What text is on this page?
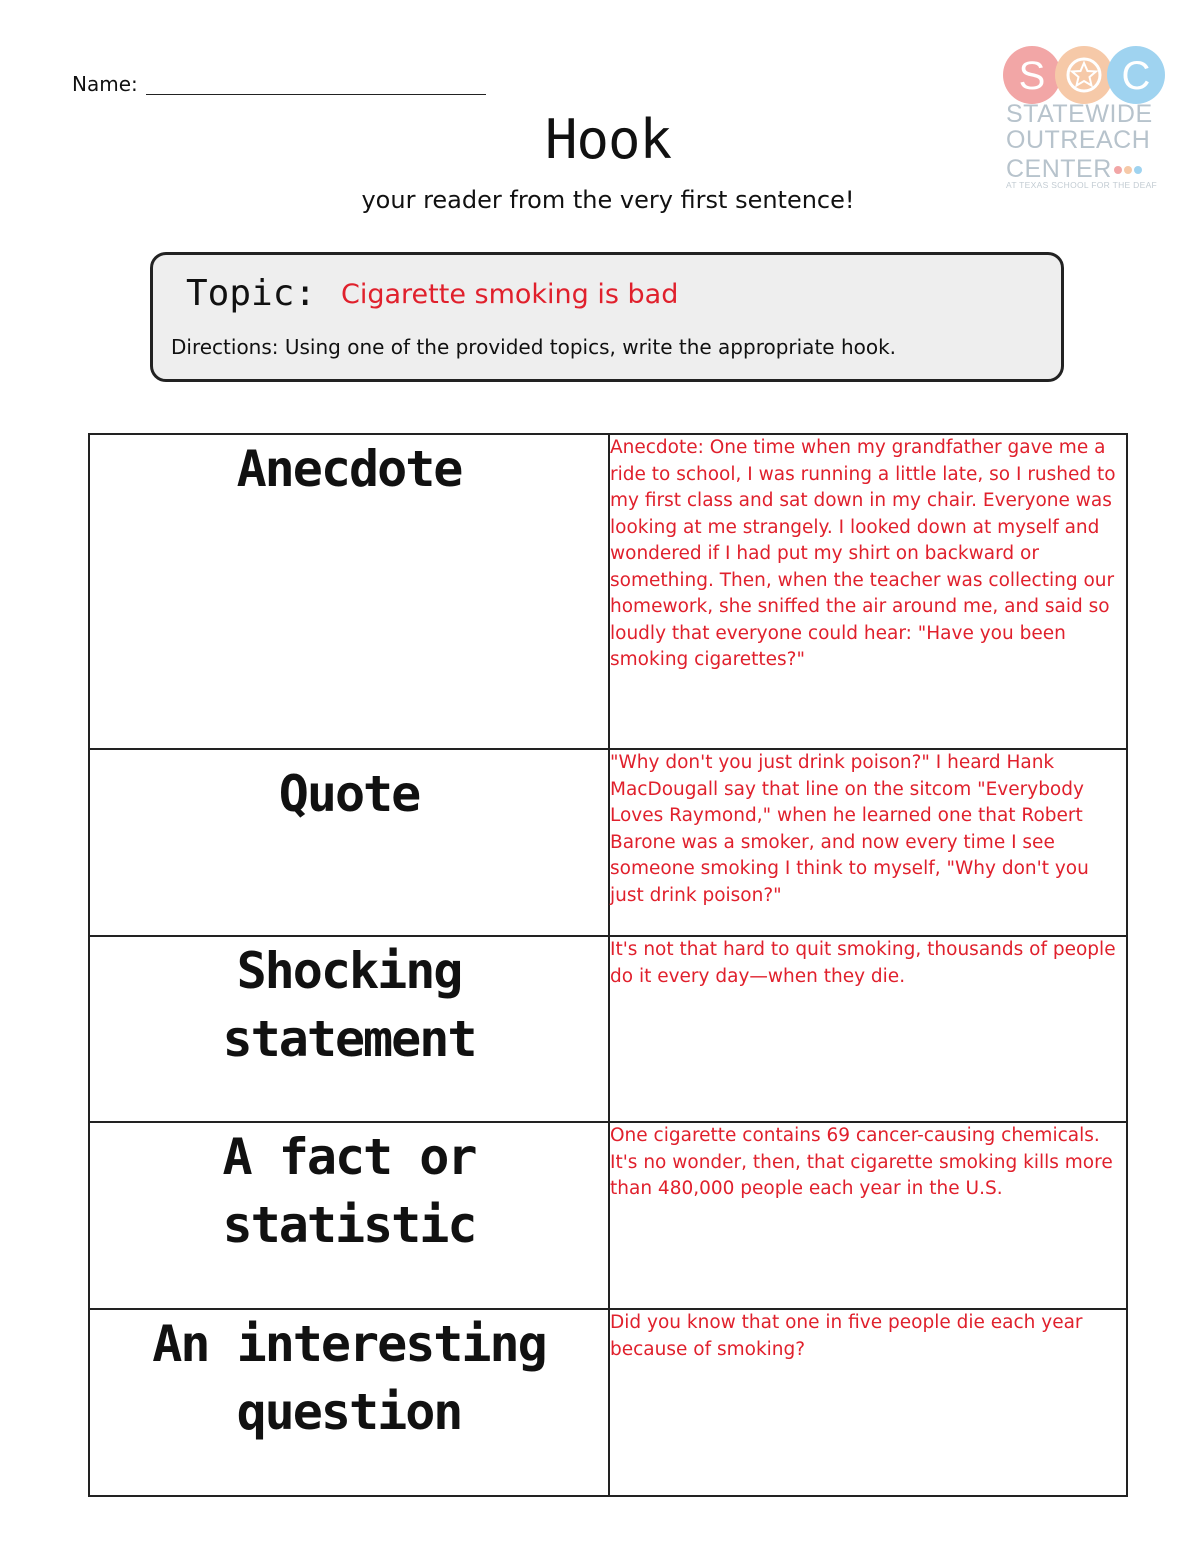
Name:
Hook
your reader from the very first sentence!
S C
STATEWIDE
OUTREACH
CENTER
AT TEXAS SCHOOL FOR THE DEAF
Topic: Cigarette smoking is bad
Directions: Using one of the provided topics, write the appropriate hook.
Anecdote	Anecdote: One time when my grandfather gave me a ride to school, I was running a little late, so I rushed to my first class and sat down in my chair. Everyone was looking at me strangely. I looked down at myself and wondered if I had put my shirt on backward or something. Then, when the teacher was collecting our homework, she sniffed the air around me, and said so loudly that everyone could hear: "Have you been smoking cigarettes?"
Quote	"Why don't you just drink poison?" I heard Hank MacDougall say that line on the sitcom "Everybody Loves Raymond," when he learned one that Robert Barone was a smoker, and now every time I see someone smoking I think to myself, "Why don't you just drink poison?"
Shocking
statement	It's not that hard to quit smoking, thousands of people do it every day—when they die.
A fact or
statistic	One cigarette contains 69 cancer-causing chemicals. It's no wonder, then, that cigarette smoking kills more than 480,000 people each year in the U.S.
An interesting
question	Did you know that one in five people die each year because of smoking?
